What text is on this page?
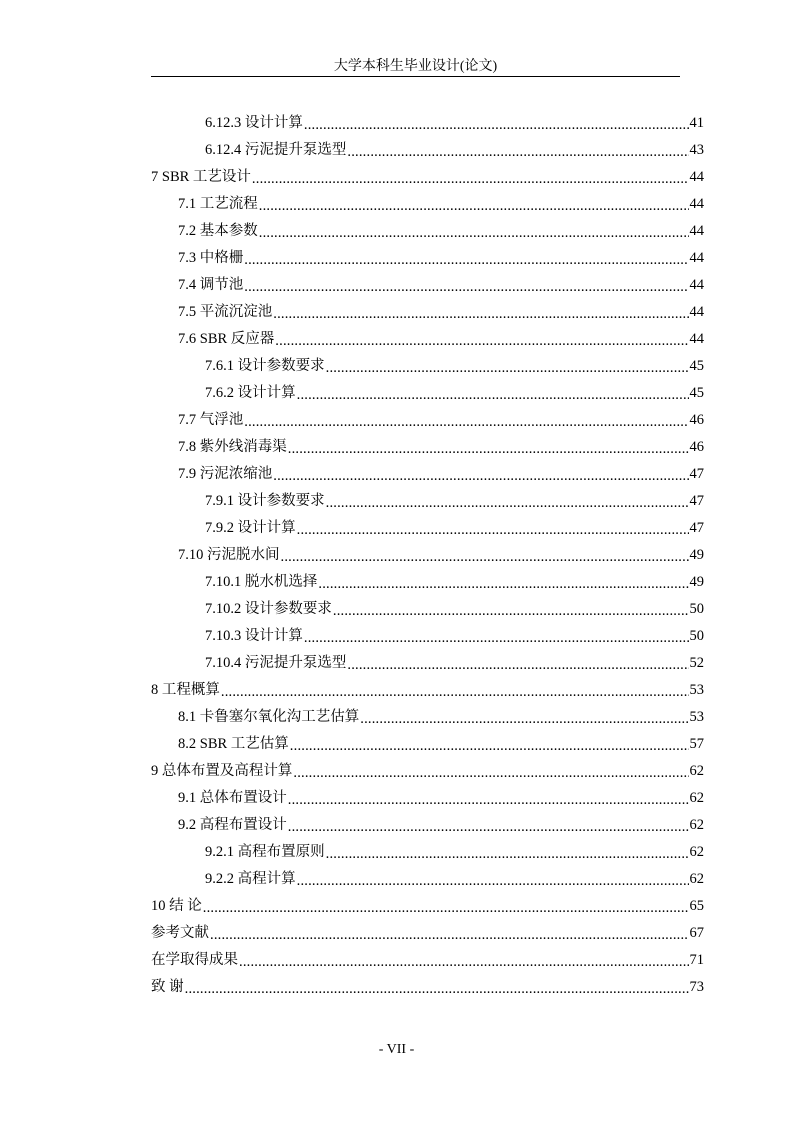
大学本科生毕业设计(论文)
6.12.3 设计计算 .....	41
6.12.4 污泥提升泵选型 .....	43
7 SBR 工艺设计 .....	44
7.1 工艺流程 .....	44
7.2 基本参数 .....	44
7.3 中格栅 .....	44
7.4 调节池 .....	44
7.5 平流沉淀池 .....	44
7.6 SBR 反应器 .....	44
7.6.1 设计参数要求 .....	45
7.6.2 设计计算 .....	45
7.7 气浮池 .....	46
7.8 紫外线消毒渠 .....	46
7.9 污泥浓缩池 .....	47
7.9.1 设计参数要求 .....	47
7.9.2 设计计算 .....	47
7.10 污泥脱水间 .....	49
7.10.1 脱水机选择 .....	49
7.10.2 设计参数要求 .....	50
7.10.3 设计计算 .....	50
7.10.4 污泥提升泵选型 .....	52
8 工程概算 .....	53
8.1 卡鲁塞尔氧化沟工艺估算 .....	53
8.2 SBR 工艺估算 .....	57
9 总体布置及高程计算 .....	62
9.1 总体布置设计 .....	62
9.2 高程布置设计 .....	62
9.2.1 高程布置原则 .....	62
9.2.2 高程计算 .....	62
10 结 论 .....	65
参考文献 .....	67
在学取得成果 .....	71
致 谢 .....	73
- VII -
